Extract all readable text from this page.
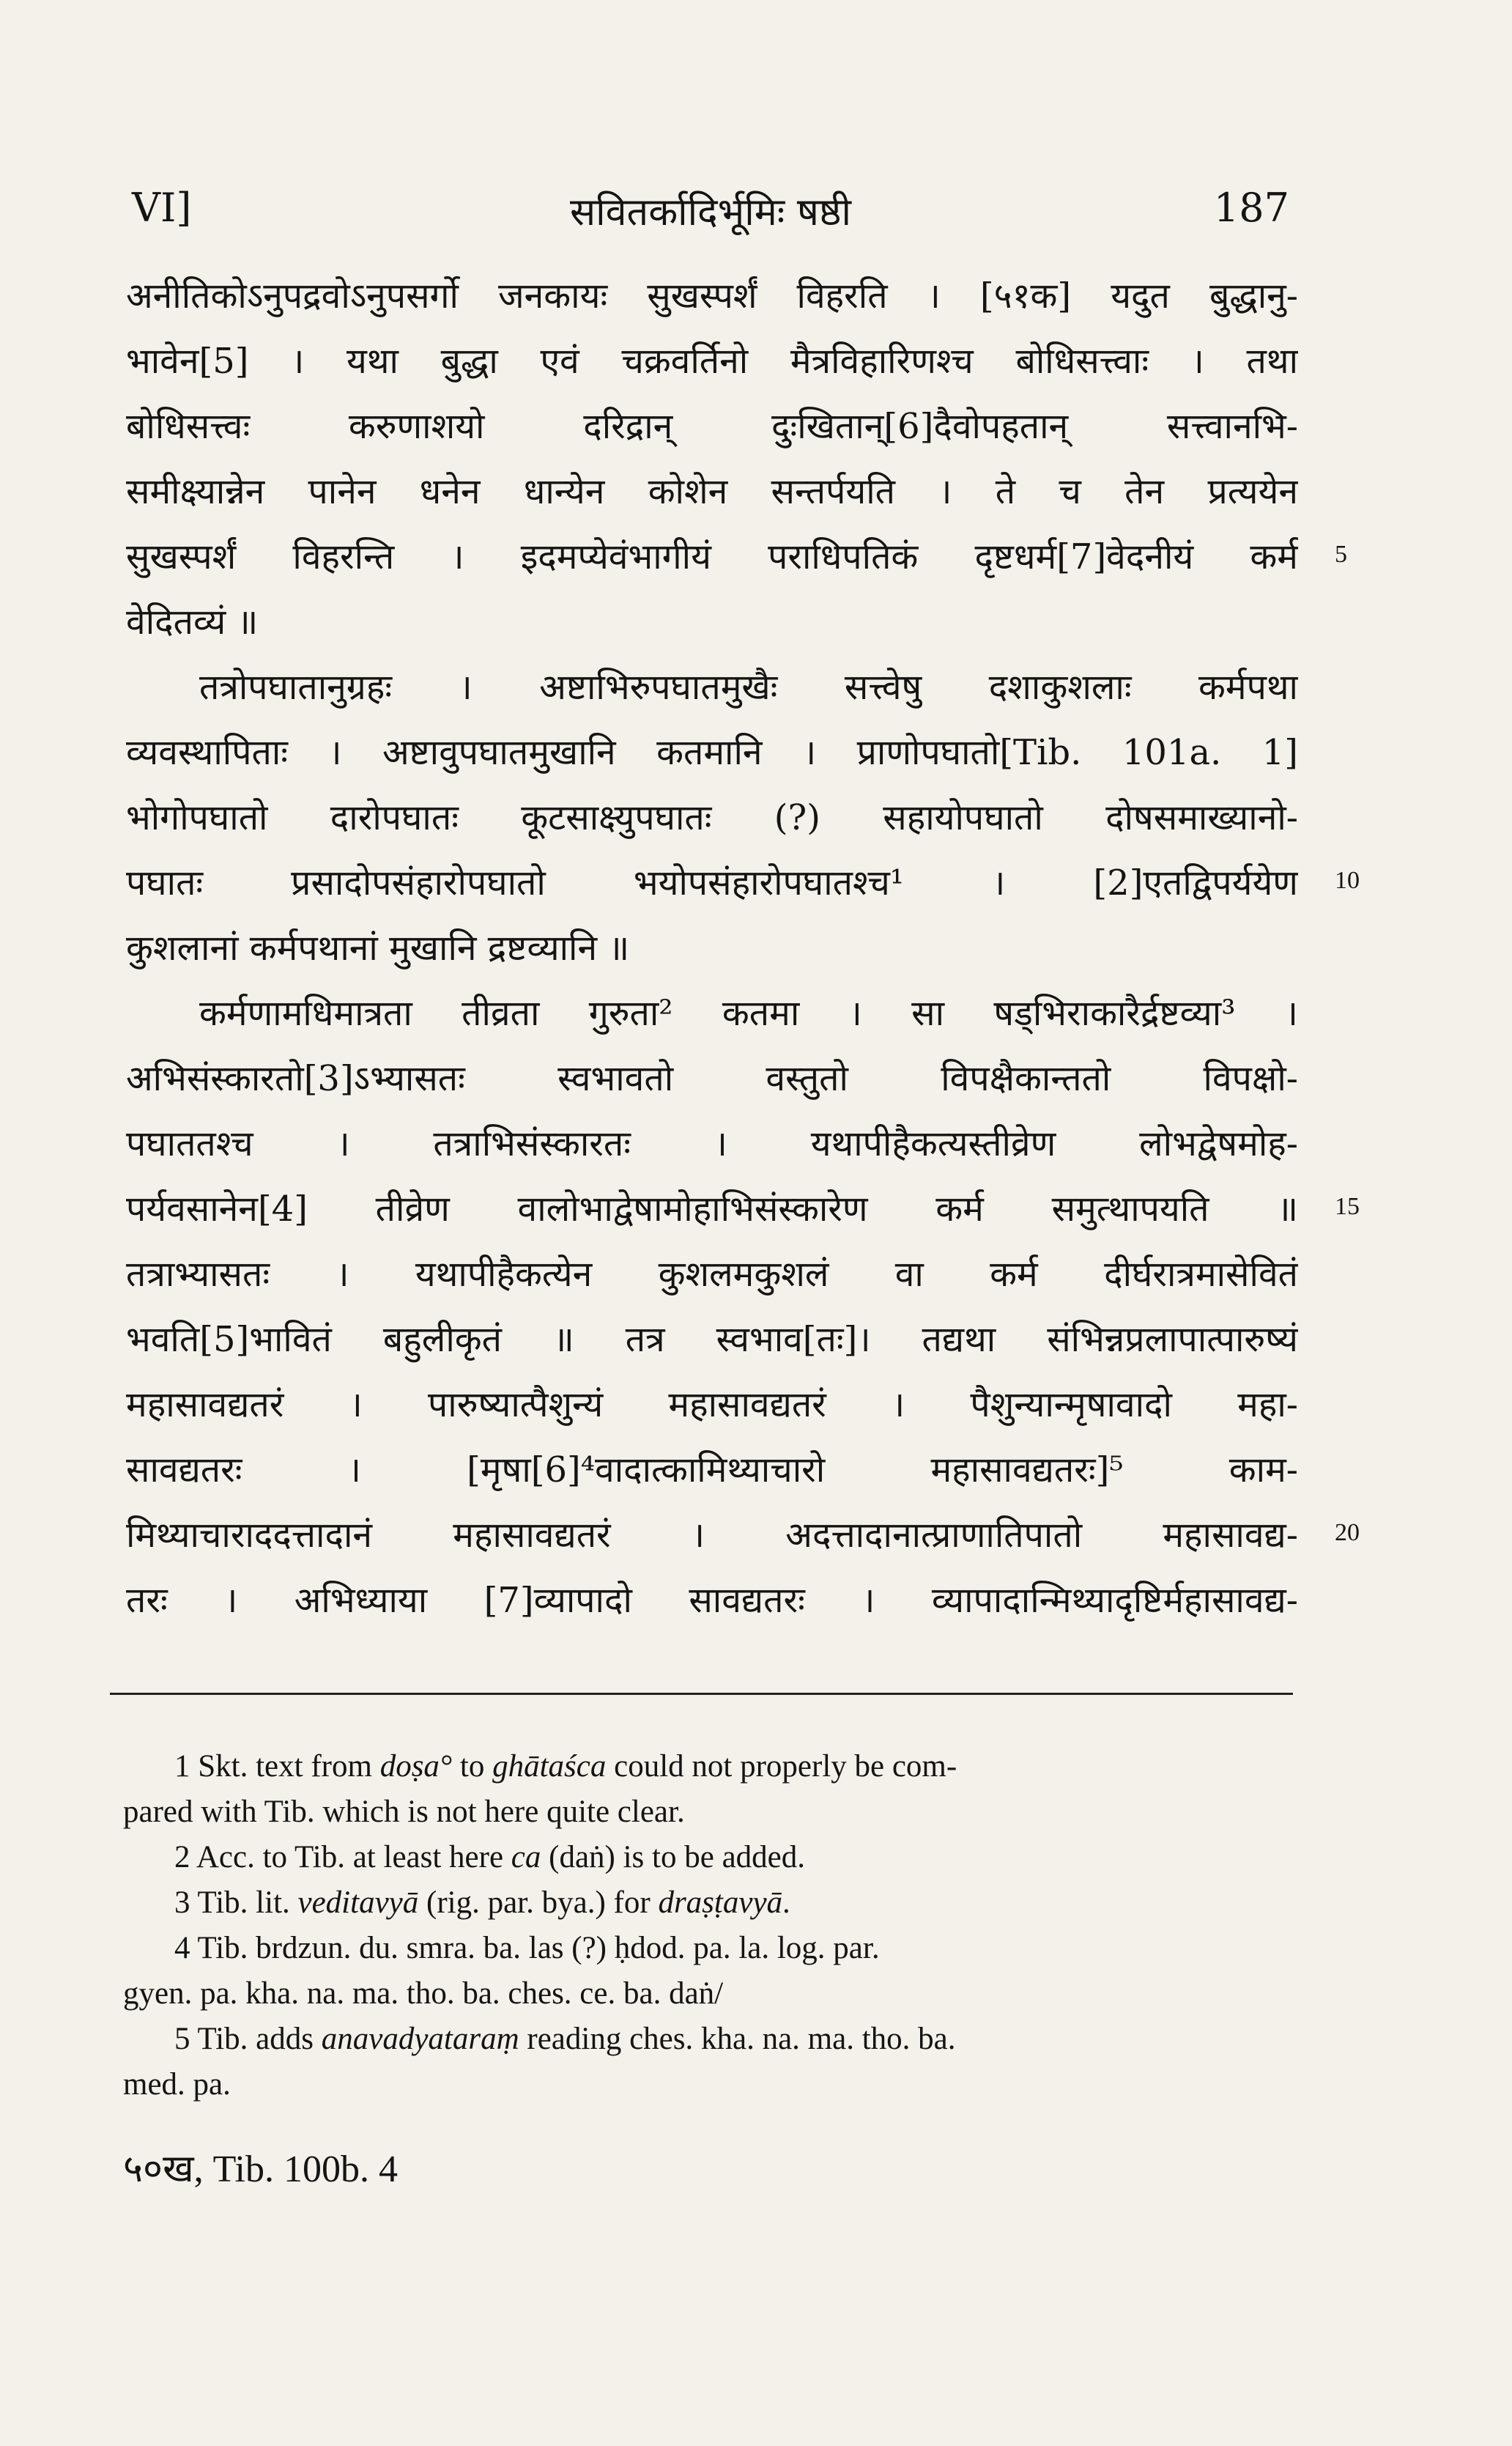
VI]	सवितर्कादिर्भूमिः षष्ठी	187
अनीतिकोऽनुपद्रवोऽनुपसर्गो जनकायः सुखस्पर्शं विहरति । [५१क] यदुत बुद्धानु-
भावेन[5] । यथा बुद्धा एवं चक्रवर्तिनो मैत्रविहारिणश्च बोधिसत्त्वाः । तथा
बोधिसत्त्वः करुणाशयो दरिद्रान् दुःखितान्[6]दैवोपहतान् सत्त्वानभि-
समीक्ष्यान्नेन पानेन धनेन धान्येन कोशेन सन्तर्पयति । ते च तेन प्रत्ययेन
सुखस्पर्शं विहरन्ति । इदमप्येवंभागीयं पराधिपतिकं दृष्टधर्म[7]वेदनीयं कर्म
वेदितव्यं ॥
तत्रोपघातानुग्रहः । अष्टाभिरुपघातमुखैः सत्त्वेषु दशाकुशलाः कर्मपथा
व्यवस्थापिताः । अष्टावुपघातमुखानि कतमानि । प्राणोपघातो[Tib. 101a. 1]
भोगोपघातो दारोपघातः कूटसाक्ष्युपघातः (?) सहायोपघातो दोषसमाख्यानो-
पघातः प्रसादोपसंहारोपघातो भयोपसंहारोपघातश्च¹ । [2]एतद्विपर्ययेण
कुशलानां कर्मपथानां मुखानि द्रष्टव्यानि ॥
कर्मणामधिमात्रता तीव्रता गुरुता² कतमा । सा षड्भिराकारैर्द्रष्टव्या³ ।
अभिसंस्कारतो[3]ऽभ्यासतः स्वभावतो वस्तुतो विपक्षैकान्ततो विपक्षो-
पघाततश्च । तत्राभिसंस्कारतः । यथापीहैकत्यस्तीव्रेण लोभद्वेषमोह-
पर्यवसानेन[4] तीव्रेण वालोभाद्वेषामोहाभिसंस्कारेण कर्म समुत्थापयति ॥
तत्राभ्यासतः । यथापीहैकत्येन कुशलमकुशलं वा कर्म दीर्घरात्रमासेवितं
भवति[5]भावितं बहुलीकृतं ॥ तत्र स्वभाव[तः]। तद्यथा संभिन्नप्रलापात्पारुष्यं
महासावद्यतरं । पारुष्यात्पैशुन्यं महासावद्यतरं । पैशुन्यान्मृषावादो महा-
सावद्यतरः । [मृषा[6]⁴वादात्कामिथ्याचारो महासावद्यतरः]⁵ काम-
मिथ्याचाराददत्तादानं महासावद्यतरं । अदत्तादानात्प्राणातिपातो महासावद्य-
तरः । अभिध्याया [7]व्यापादो सावद्यतरः । व्यापादान्मिथ्यादृष्टिर्महासावद्य-
5
10
15
20
1 Skt. text from doṣa° to ghātaśca could not properly be com-
pared with Tib. which is not here quite clear.
2 Acc. to Tib. at least here ca (daṅ) is to be added.
3 Tib. lit. veditavyā (rig. par. bya.) for draṣṭavyā.
4 Tib. brdzun. du. smra. ba. las (?) ḥdod. pa. la. log. par.
gyen. pa. kha. na. ma. tho. ba. ches. ce. ba. daṅ/
5 Tib. adds anavadyataraṃ reading ches. kha. na. ma. tho. ba.
med. pa.
५०ख, Tib. 100b. 4
